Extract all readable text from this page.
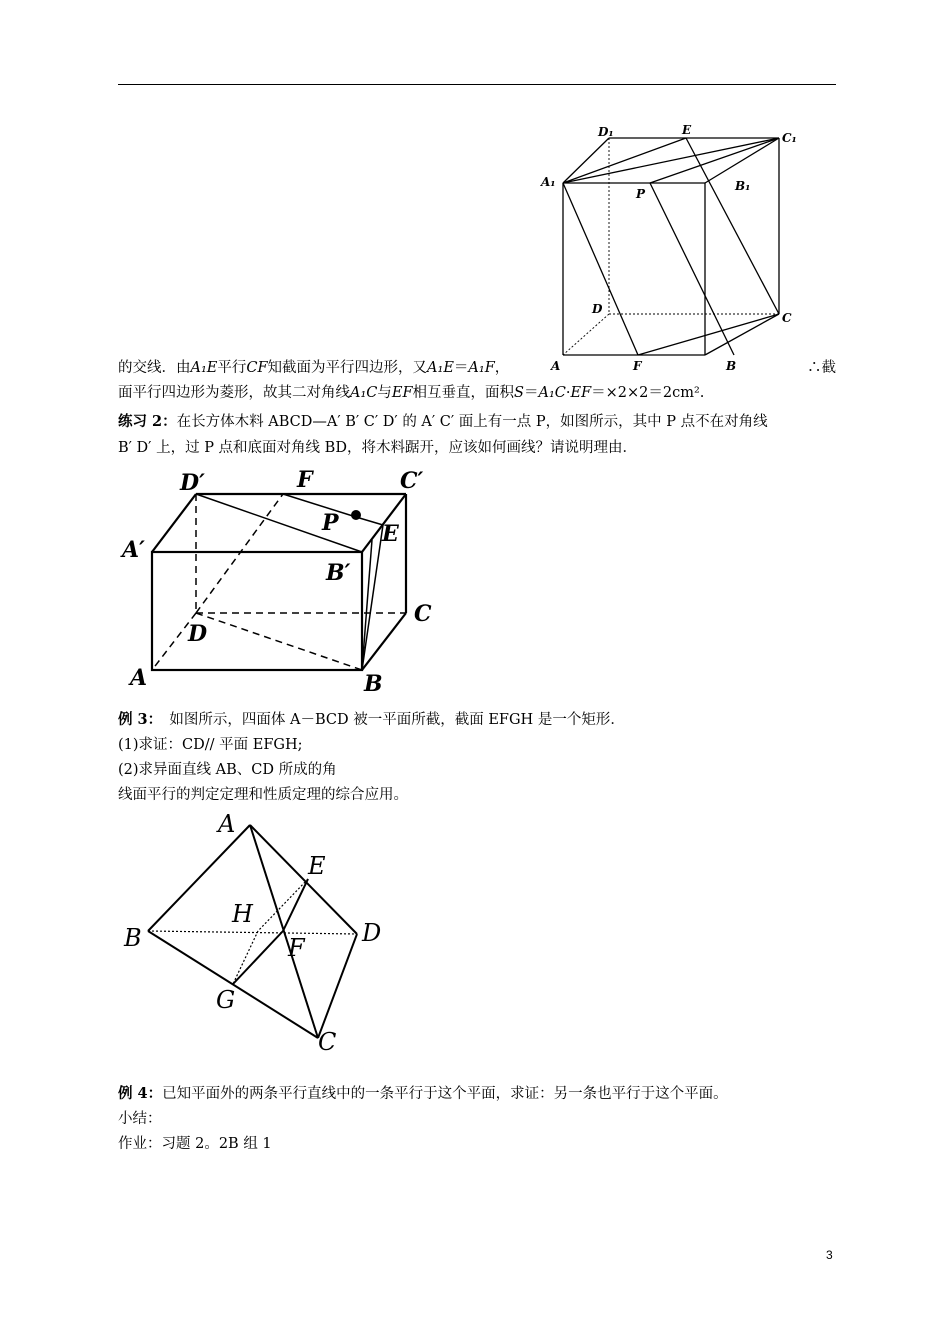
D₁	E
C₁
A₁
P
B₁
D
C
A	F	B
的交线．由A₁E平行CF知截面为平行四边形，又A₁E＝A₁F，	∴截
面平行四边形为菱形，故其二对角线A₁C与EF相互垂直，面积S＝A₁C·EF＝×2×2＝2cm².
练习 2：在长方体木料 ABCD—A′ B′ C′ D′ 的 A′ C′ 面上有一点 P，如图所示，其中 P 点不在对角线
B′ D′ 上，过 P 点和底面对角线 BD，将木料踞开，应该如何画线？请说明理由．
D′	F	C′
P E
A′
B′
C
D
A	B
例 3：　如图所示，四面体 A－BCD 被一平面所截，截面 EFGH 是一个矩形．
(1)求证：CD// 平面 EFGH;
(2)求异面直线 AB、CD 所成的角
线面平行的判定定理和性质定理的综合应用。
A
E
H
B	D
F
G
C
例 4：已知平面外的两条平行直线中的一条平行于这个平面，求证：另一条也平行于这个平面。
小结：
作业：习题 2。2B 组 1
3
